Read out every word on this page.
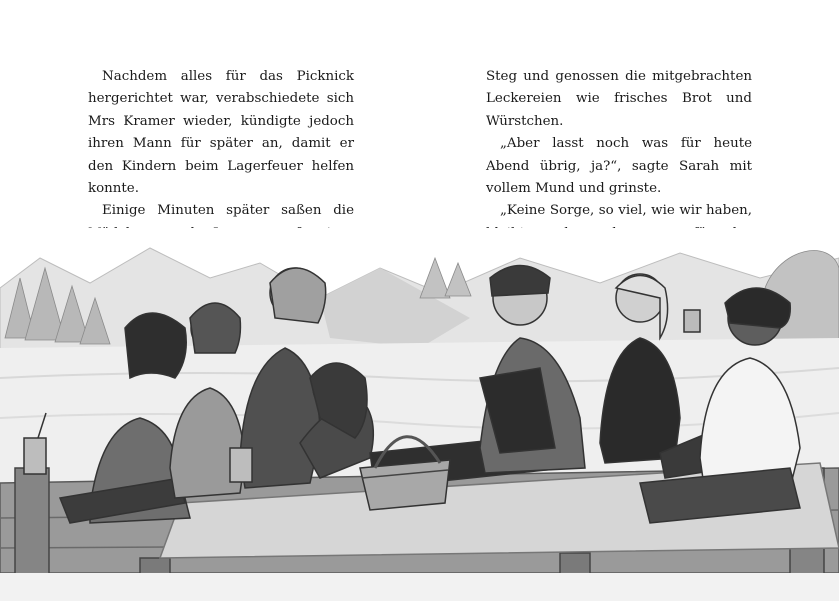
Nachdem alles für das Picknick hergerichtet war, verabschiedete sich Mrs Kramer wieder, kündigte jedoch ihren Mann für später an, damit er den Kindern beim Lagerfeuer helfen konnte.

Einige Minuten später saßen die

Steg und genossen die mitgebrachten Leckereien wie frisches Brot und Würstchen.

„Aber lasst noch was für heute Abend übrig, ja?“, sagte Sarah mit vollem Mund und grinste.

„Keine Sorge, so viel, wie wir haben,
